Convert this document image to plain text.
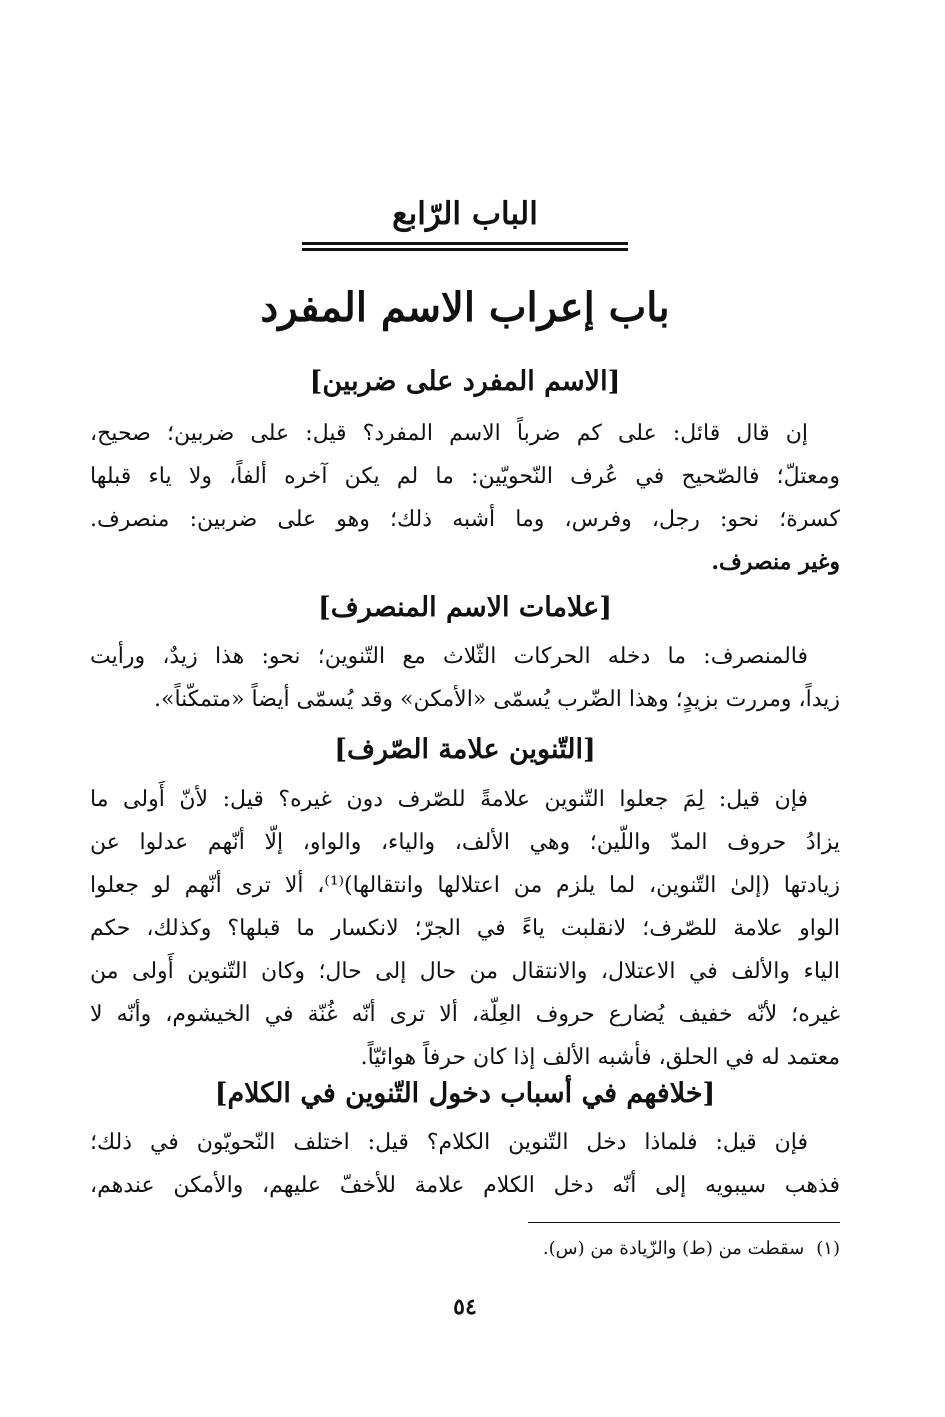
الباب الرّابع
باب إعراب الاسم المفرد
[الاسم المفرد على ضربين]
إن قال قائل: على كم ضرباً الاسم المفرد؟ قيل: على ضربين؛ صحيح،
ومعتلّ؛ فالصّحيح في عُرف النّحويّين: ما لم يكن آخره ألفاً، ولا ياء قبلها
كسرة؛ نحو: رجل، وفرس، وما أشبه ذلك؛ وهو على ضربين: منصرف.
وغير منصرف.
[علامات الاسم المنصرف]
فالمنصرف: ما دخله الحركات الثّلاث مع التّنوين؛ نحو: هذا زيدٌ، ورأيت
زيداً، ومررت بزيدٍ؛ وهذا الضّرب يُسمّى «الأمكن» وقد يُسمّى أيضاً «متمكّناً».
[التّنوين علامة الصّرف]
فإن قيل: لِمَ جعلوا التّنوين علامةً للصّرف دون غيره؟ قيل: لأنّ أَولى ما
يزادُ حروف المدّ واللّين؛ وهي الألف، والياء، والواو، إلّا أنّهم عدلوا عن
زيادتها (إلىٰ التّنوين، لما يلزم من اعتلالها وانتقالها)⁽¹⁾، ألا ترى أنّهم لو جعلوا
الواو علامة للصّرف؛ لانقلبت ياءً في الجرّ؛ لانكسار ما قبلها؟ وكذلك، حكم
الياء والألف في الاعتلال، والانتقال من حال إلى حال؛ وكان التّنوين أَولى من
غيره؛ لأنّه خفيف يُضارع حروف العِلّة، ألا ترى أنّه غُنّة في الخيشوم، وأنّه لا
معتمد له في الحلق، فأشبه الألف إذا كان حرفاً هوائيّاً.
[خلافهم في أسباب دخول التّنوين في الكلام]
فإن قيل: فلماذا دخل التّنوين الكلام؟ قيل: اختلف النّحويّون في ذلك؛
فذهب سيبويه إلى أنّه دخل الكلام علامة للأخفّ عليهم، والأمكن عندهم،
(١)سقطت من (ط) والزّيادة من (س).
٥٤
